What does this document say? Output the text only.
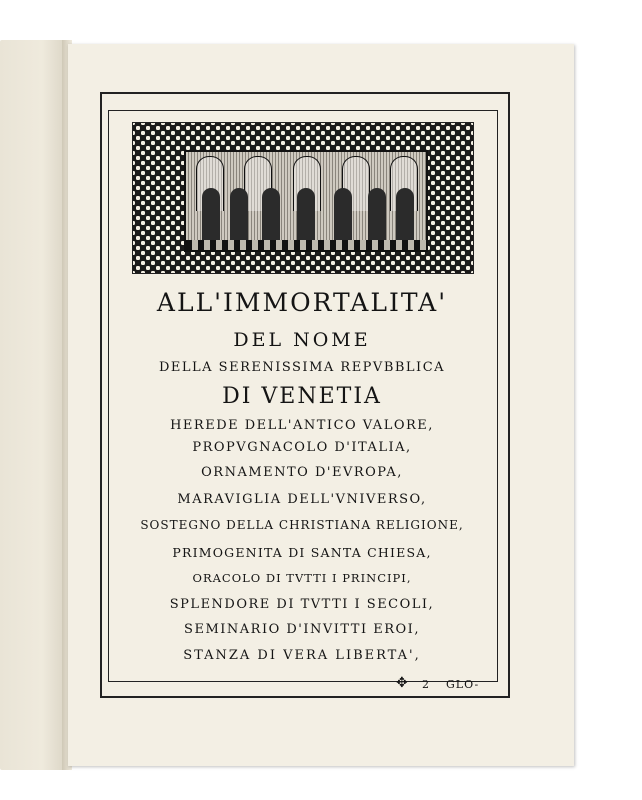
ALL'IMMORTALITA'

DEL NOME

DELLA SERENISSIMA REPVBBLICA

DI VENETIA

HEREDE DELL'ANTICO VALORE,

PROPVGNACOLO D'ITALIA,

ORNAMENTO D'EVROPA,

MARAVIGLIA DELL'VNIVERSO,

SOSTEGNO DELLA CHRISTIANA RELIGIONE,

PRIMOGENITA DI SANTA CHIESA,

ORACOLO DI TVTTI I PRINCIPI,

SPLENDORE DI TVTTI I SECOLI,

SEMINARIO D'INVITTI EROI,

STANZA DI VERA LIBERTA',

✥ 2 GLO-
